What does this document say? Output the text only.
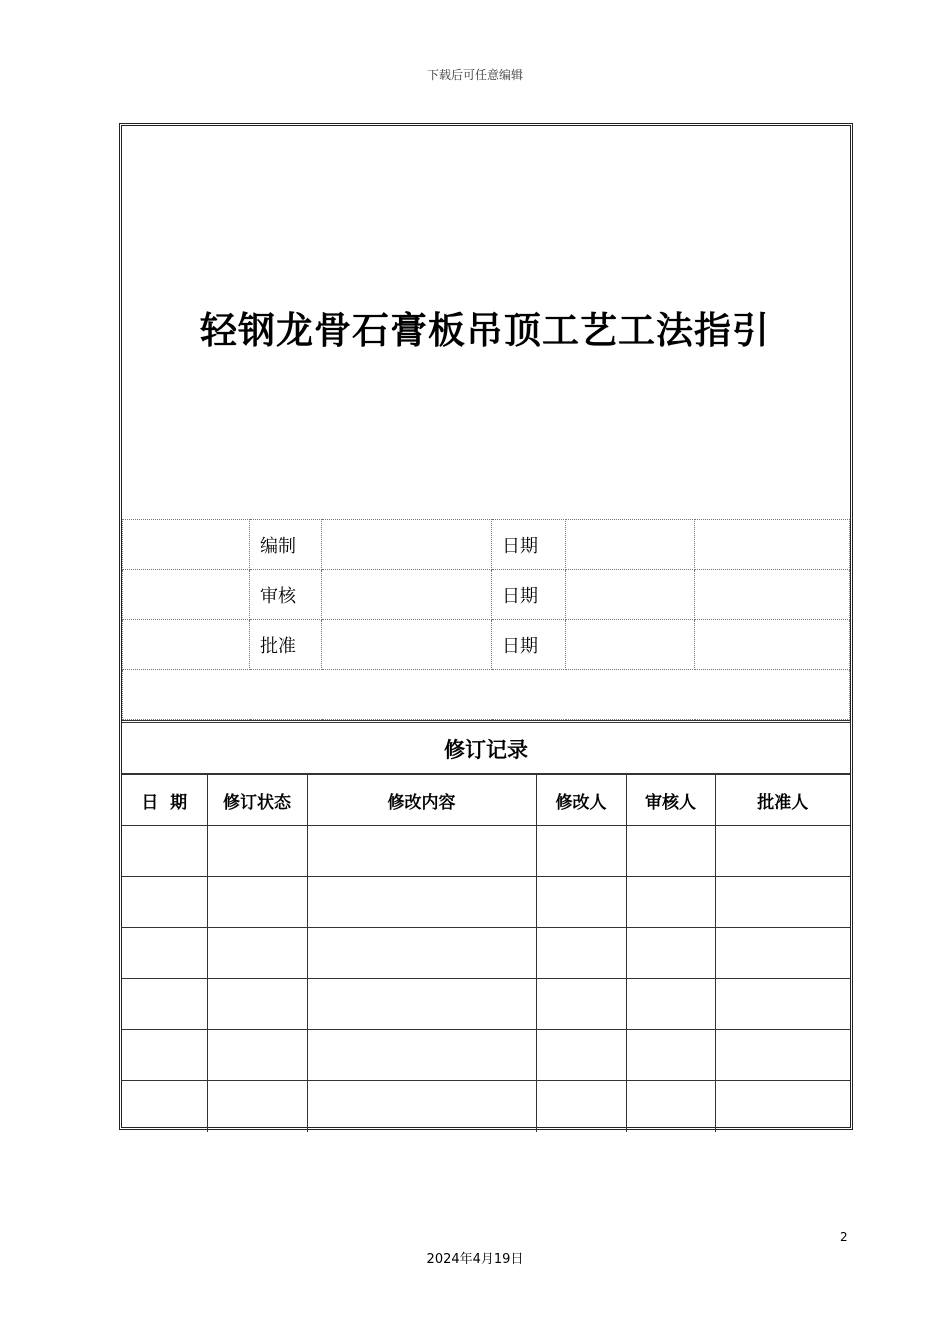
下载后可任意编辑
轻钢龙骨石膏板吊顶工艺工法指引
	编制		日期		
	审核		日期		
	批准		日期		

修订记录
日  期	修订状态	修改内容	修改人	审核人	批准人

2
2024年4月19日
